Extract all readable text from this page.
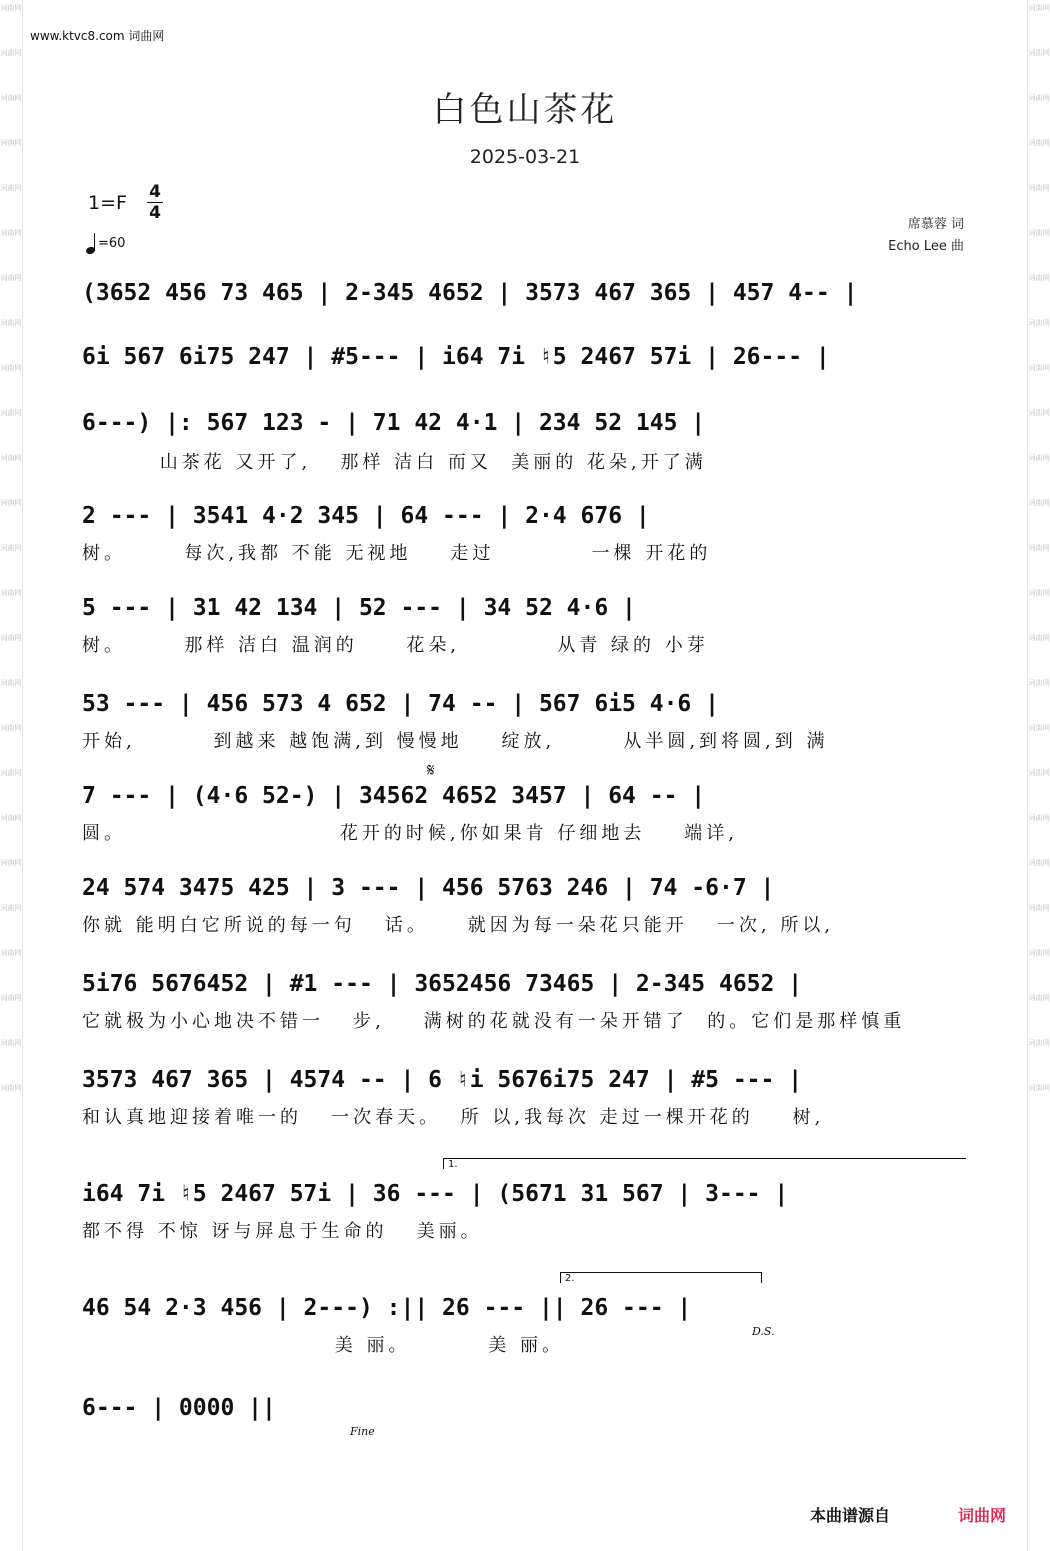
词曲网
词曲网
词曲网
词曲网
词曲网
词曲网
词曲网
词曲网
词曲网
词曲网
词曲网
词曲网
词曲网
词曲网
词曲网
词曲网
词曲网
词曲网
词曲网
词曲网
词曲网
词曲网
词曲网
词曲网
词曲网
词曲网
词曲网
词曲网
词曲网
词曲网
词曲网
词曲网
词曲网
词曲网
词曲网
词曲网
词曲网
词曲网
词曲网
词曲网
词曲网
词曲网
词曲网
词曲网
词曲网
词曲网
词曲网
词曲网
词曲网
词曲网
www.ktvc8.com 词曲网
白色山茶花
2025-03-21
1=F 4
4
=60
席慕蓉 词
Echo Lee 曲
(3652 456 73 465 | 2-345 4652 | 3573 467 365 | 457 4-- |
6i 567 6i75 247 | #5--- | i64 7i ♮5 2467 57i | 26--- |
6---) |: 567 123 - | 71 42 4·1 | 234 52 145 |
山茶花 又开了,   那样 洁白 而又  美丽的 花朵,开了满
2 --- | 3541 4·2 345 | 64 --- | 2·4 676 |
树。      每次,我都 不能 无视地    走过          一棵 开花的
5 --- | 31 42 134 | 52 --- | 34 52 4·6 |
树。      那样 洁白 温润的     花朵,          从青 绿的 小芽
53 --- | 456 573 4 652 | 74 -- | 567 6i5 4·6 |
开始,        到越来 越饱满,到 慢慢地    绽放,       从半圆,到将圆,到 满
𝄋
7 --- | (4·6 52-) | 34562 4652 3457 | 64 -- |
圆。                      花开的时候,你如果肯 仔细地去    端详,
24 574 3475 425 | 3 --- | 456 5763 246 | 74 -6·7 |
你就 能明白它所说的每一句   话。    就因为每一朵花只能开   一次, 所以,
5i76 5676452 | #1 --- | 3652456 73465 | 2-345 4652 |
它就极为小心地决不错一   步,    满树的花就没有一朵开错了  的。它们是那样慎重
3573 467 365 | 4574 -- | 6 ♮i 5676i75 247 | #5 --- |
和认真地迎接着唯一的   一次春天。  所 以,我每次 走过一棵开花的    树,
1.
i64 7i ♮5 2467 57i | 36 --- | (5671 31 567 | 3--- |
都不得 不惊 讶与屏息于生命的   美丽。
2.
46 54 2·3 456 | 2---) :|| 26 --- || 26 --- |
D.S.
美 丽。        美 丽。
6--- | 0000 ||
Fine
本曲谱源自	词曲网
